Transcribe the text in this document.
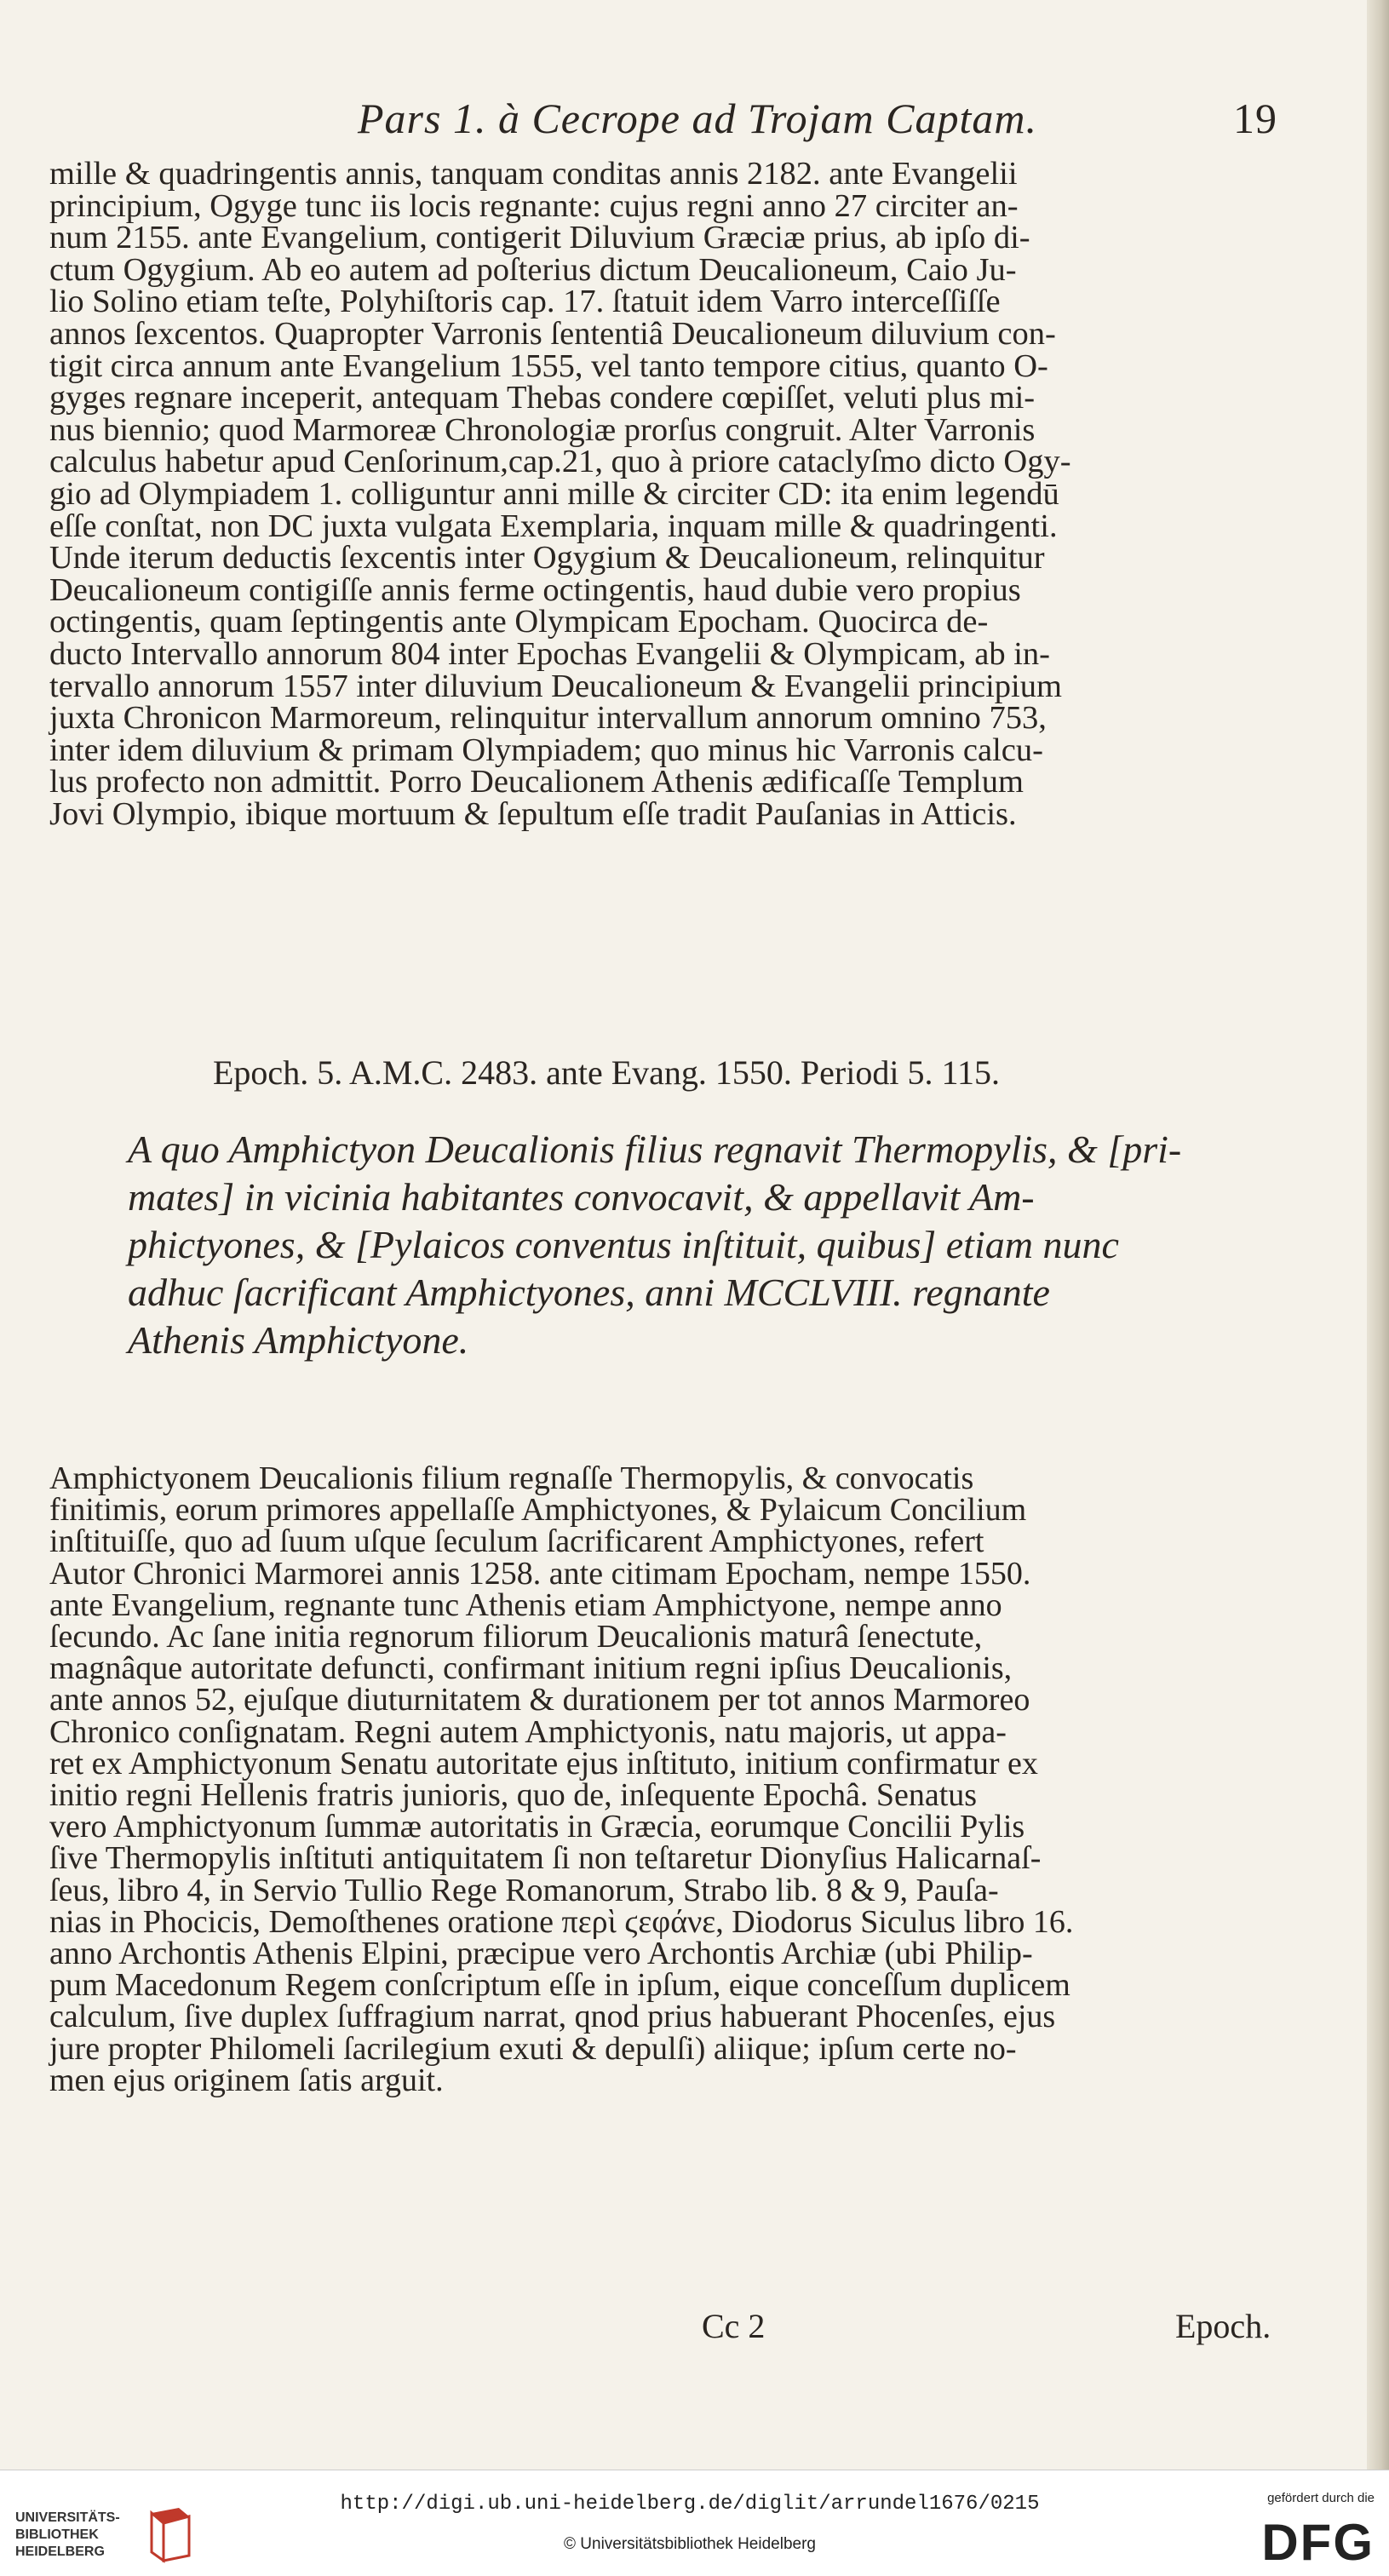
Pars 1. à Cecrope ad Trojam Captam.	19
mille & quadringentis annis, tanquam conditas annis 2182. ante Evangelii
principium, Ogyge tunc iis locis regnante: cujus regni anno 27 circiter an-
num 2155. ante Evangelium, contigerit Diluvium Græciæ prius, ab ipſo di-
ctum Ogygium. Ab eo autem ad poſterius dictum Deucalioneum, Caio Ju-
lio Solino etiam teſte, Polyhiſtoris cap. 17. ſtatuit idem Varro interceſſiſſe
annos ſexcentos. Quapropter Varronis ſententiâ Deucalioneum diluvium con-
tigit circa annum ante Evangelium 1555, vel tanto tempore citius, quanto O-
gyges regnare inceperit, antequam Thebas condere cœpiſſet, veluti plus mi-
nus biennio; quod Marmoreæ Chronologiæ prorſus congruit. Alter Varronis
calculus habetur apud Cenſorinum,cap.21, quo à priore cataclyſmo dicto Ogy-
gio ad Olympiadem 1. colliguntur anni mille & circiter CD: ita enim legendū
eſſe conſtat, non DC juxta vulgata Exemplaria, inquam mille & quadringenti.
Unde iterum deductis ſexcentis inter Ogygium & Deucalioneum, relinquitur
Deucalioneum contigiſſe annis ferme octingentis, haud dubie vero propius
octingentis, quam ſeptingentis ante Olympicam Epocham. Quocirca de-
ducto Intervallo annorum 804 inter Epochas Evangelii & Olympicam, ab in-
tervallo annorum 1557 inter diluvium Deucalioneum & Evangelii principium
juxta Chronicon Marmoreum, relinquitur intervallum annorum omnino 753,
inter idem diluvium & primam Olympiadem; quo minus hic Varronis calcu-
lus profecto non admittit. Porro Deucalionem Athenis ædificaſſe Templum
Jovi Olympio, ibique mortuum & ſepultum eſſe tradit Pauſanias in Atticis.
Epoch. 5. A.M.C. 2483. ante Evang. 1550. Periodi 5. 115.
A quo Amphictyon Deucalionis filius regnavit Thermopylis, & [pri-
mates] in vicinia habitantes convocavit, & appellavit Am-
phictyones, & [Pylaicos conventus inſtituit, quibus] etiam nunc
adhuc ſacrificant Amphictyones, anni MCCLVIII. regnante
Athenis Amphictyone.
Amphictyonem Deucalionis filium regnaſſe Thermopylis, & convocatis
finitimis, eorum primores appellaſſe Amphictyones, & Pylaicum Concilium
inſtituiſſe, quo ad ſuum uſque ſeculum ſacrificarent Amphictyones, refert
Autor Chronici Marmorei annis 1258. ante citimam Epocham, nempe 1550.
ante Evangelium, regnante tunc Athenis etiam Amphictyone, nempe anno
ſecundo. Ac ſane initia regnorum filiorum Deucalionis maturâ ſenectute,
magnâque autoritate defuncti, confirmant initium regni ipſius Deucalionis,
ante annos 52, ejuſque diuturnitatem & durationem per tot annos Marmoreo
Chronico conſignatam. Regni autem Amphictyonis, natu majoris, ut appa-
ret ex Amphictyonum Senatu autoritate ejus inſtituto, initium confirmatur ex
initio regni Hellenis fratris junioris, quo de, inſequente Epochâ. Senatus
vero Amphictyonum ſummæ autoritatis in Græcia, eorumque Concilii Pylis
ſive Thermopylis inſtituti antiquitatem ſi non teſtaretur Dionyſius Halicarnaſ-
ſeus, libro 4, in Servio Tullio Rege Romanorum, Strabo lib. 8 & 9, Pauſa-
nias in Phocicis, Demoſthenes oratione περὶ ϛεφάνε, Diodorus Siculus libro 16.
anno Archontis Athenis Elpini, præcipue vero Archontis Archiæ (ubi Philip-
pum Macedonum Regem conſcriptum eſſe in ipſum, eique conceſſum duplicem
calculum, ſive duplex ſuffragium narrat, qnod prius habuerant Phocenſes, ejus
jure propter Philomeli ſacrilegium exuti & depulſi) aliique; ipſum certe no-
men ejus originem ſatis arguit.
Cc 2	Epoch.
UNIVERSITÄTS-
BIBLIOTHEK
HEIDELBERG
http://digi.ub.uni-heidelberg.de/diglit/arrundel1676/0215
© Universitätsbibliothek Heidelberg
gefördert durch die
DFG
